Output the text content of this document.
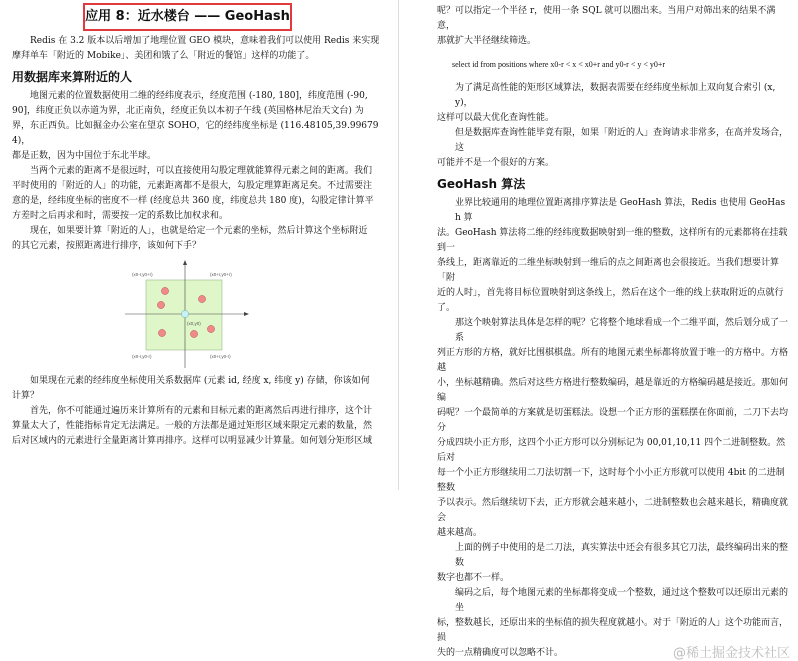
应用 8：近水楼台 —— GeoHash
Redis 在 3.2 版本以后增加了地理位置 GEO 模块，意味着我们可以使用 Redis 来实现
摩拜单车「附近的 Mobike」、美团和饿了么「附近的餐馆」这样的功能了。
用数据库来算附近的人
地图元素的位置数据使用二维的经纬度表示，经度范围 (-180, 180]，纬度范围 (-90,
90]，纬度正负以赤道为界，北正南负，经度正负以本初子午线 (英国格林尼治天文台) 为
界，东正西负。比如掘金办公室在望京 SOHO，它的经纬度坐标是 (116.48105,39.996794)，
都是正数，因为中国位于东北半球。
当两个元素的距离不是很远时，可以直接使用勾股定理就能算得元素之间的距离。我们
平时使用的「附近的人」的功能，元素距离都不是很大，勾股定理算距离足矣。不过需要注
意的是，经纬度坐标的密度不一样 (经度总共 360 度，纬度总共 180 度)，勾股定律计算平
方差时之后再求和时，需要按一定的系数比加权求和。
现在，如果要计算「附近的人」，也就是给定一个元素的坐标，然后计算这个坐标附近
的其它元素，按照距离进行排序，该如何下手？
(x0-r,y0+r)	(x0+r,y0+r)
(x0-r,y0-r)	(x0+r,y0-r)
(x0,y0)
如果现在元素的经纬度坐标使用关系数据库 (元素 id, 经度 x, 纬度 y) 存储，你该如何
计算？
首先，你不可能通过遍历来计算所有的元素和目标元素的距离然后再进行排序，这个计
算量太大了，性能指标肯定无法满足。一般的方法都是通过矩形区域来限定元素的数量，然
后对区域内的元素进行全量距离计算再排序。这样可以明显减少计算量。如何划分矩形区域
呢？可以指定一个半径 r，使用一条 SQL 就可以圈出来。当用户对筛出来的结果不满意，
那就扩大半径继续筛选。
select id from positions where x0-r < x < x0+r and y0-r < y < y0+r
为了满足高性能的矩形区域算法，数据表需要在经纬度坐标加上双向复合索引 (x, y)，
这样可以最大优化查询性能。
但是数据库查询性能毕竟有限，如果「附近的人」查询请求非常多，在高并发场合，这
可能并不是一个很好的方案。
GeoHash 算法
业界比较通用的地理位置距离排序算法是 GeoHash 算法，Redis 也使用 GeoHash 算
法。GeoHash 算法将二维的经纬度数据映射到一维的整数，这样所有的元素都将在挂载到一
条线上，距离靠近的二维坐标映射到一维后的点之间距离也会很接近。当我们想要计算「附
近的人时」，首先将目标位置映射到这条线上，然后在这个一维的线上获取附近的点就行
了。
那这个映射算法具体是怎样的呢？它将整个地球看成一个二维平面，然后划分成了一系
列正方形的方格，就好比围棋棋盘。所有的地图元素坐标都将放置于唯一的方格中。方格越
小，坐标越精确。然后对这些方格进行整数编码，越是靠近的方格编码越是接近。那如何编
码呢？一个最简单的方案就是切蛋糕法。设想一个正方形的蛋糕摆在你面前，二刀下去均分
分成四块小正方形，这四个小正方形可以分别标记为 00,01,10,11 四个二进制整数。然后对
每一个小正方形继续用二刀法切割一下，这时每个小小正方形就可以使用 4bit 的二进制整数
予以表示。然后继续切下去，正方形就会越来越小，二进制整数也会越来越长，精确度就会
越来越高。
上面的例子中使用的是二刀法，真实算法中还会有很多其它刀法，最终编码出来的整数
数字也都不一样。
编码之后，每个地图元素的坐标都将变成一个整数，通过这个整数可以还原出元素的坐
标，整数越长，还原出来的坐标值的损失程度就越小。对于「附近的人」这个功能而言，损
失的一点精确度可以忽略不计。	@稀土掘金技术社区
